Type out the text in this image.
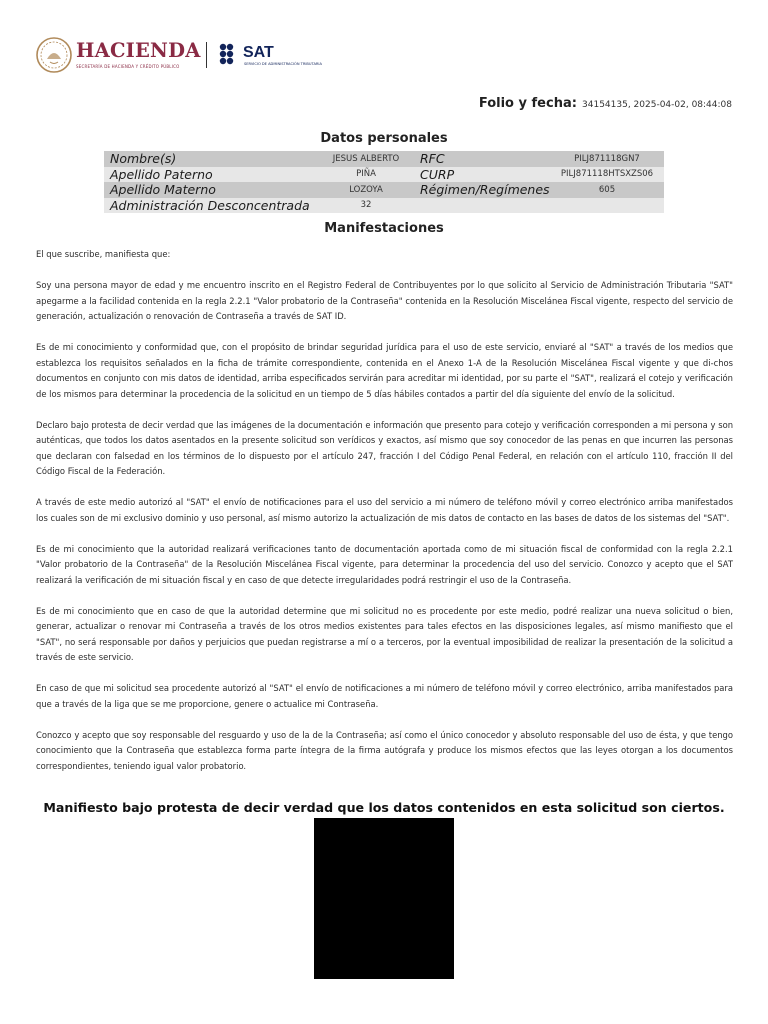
HACIENDA
SECRETARÍA DE HACIENDA Y CRÉDITO PÚBLICO
SAT
SERVICIO DE ADMINISTRACIÓN TRIBUTARIA
Folio y fecha: 34154135, 2025-04-02, 08:44:08
Datos personales
Nombre(s)	JESUS ALBERTO	RFC	PILJ871118GN7
Apellido Paterno	PIÑA	CURP	PILJ871118HTSXZS06
Apellido Materno	LOZOYA	Régimen/Regímenes	605
Administración Desconcentrada	32		
Manifestaciones

El que suscribe, manifiesta que:

Soy una persona mayor de edad y me encuentro inscrito en el Registro Federal de Contribuyentes por lo que solicito al Servicio de Administración Tributaria "SAT" apegarme a la facilidad contenida en la regla 2.2.1 "Valor probatorio de la Contraseña" contenida en la Resolución Miscelánea Fiscal vigente, respecto del servicio de generación, actualización o renovación de Contraseña a través de SAT ID.

Es de mi conocimiento y conformidad que, con el propósito de brindar seguridad jurídica para el uso de este servicio, enviaré al "SAT" a través de los medios que establezca los requisitos señalados en la ficha de trámite correspondiente, contenida en el Anexo 1-A de la Resolución Miscelánea Fiscal vigente y que di-chos documentos en conjunto con mis datos de identidad, arriba especificados servirán para acreditar mi identidad, por su parte el "SAT", realizará el cotejo y verificación de los mismos para determinar la procedencia de la solicitud en un tiempo de 5 días hábiles contados a partir del día siguiente del envío de la solicitud.

Declaro bajo protesta de decir verdad que las imágenes de la documentación e información que presento para cotejo y verificación corresponden a mi persona y son auténticas, que todos los datos asentados en la presente solicitud son verídicos y exactos, así mismo que soy conocedor de las penas en que incurren las personas que declaran con falsedad en los términos de lo dispuesto por el artículo 247, fracción I del Código Penal Federal, en relación con el artículo 110, fracción II del Código Fiscal de la Federación.

A través de este medio autorizó al "SAT" el envío de notificaciones para el uso del servicio a mi número de teléfono móvil y correo electrónico arriba manifestados los cuales son de mi exclusivo dominio y uso personal, así mismo autorizo la actualización de mis datos de contacto en las bases de datos de los sistemas del "SAT".

Es de mi conocimiento que la autoridad realizará verificaciones tanto de documentación aportada como de mi situación fiscal de conformidad con la regla 2.2.1 "Valor probatorio de la Contraseña" de la Resolución Miscelánea Fiscal vigente, para determinar la procedencia del uso del servicio. Conozco y acepto que el SAT realizará la verificación de mi situación fiscal y en caso de que detecte irregularidades podrá restringir el uso de la Contraseña.

Es de mi conocimiento que en caso de que la autoridad determine que mi solicitud no es procedente por este medio, podré realizar una nueva solicitud o bien, generar, actualizar o renovar mi Contraseña a través de los otros medios existentes para tales efectos en las disposiciones legales, así mismo manifiesto que el "SAT", no será responsable por daños y perjuicios que puedan registrarse a mí o a terceros, por la eventual imposibilidad de realizar la presentación de la solicitud a través de este servicio.

En caso de que mi solicitud sea procedente autorizó al "SAT" el envío de notificaciones a mi número de teléfono móvil y correo electrónico, arriba manifestados para que a través de la liga que se me proporcione, genere o actualice mi Contraseña.

Conozco y acepto que soy responsable del resguardo y uso de la de la Contraseña; así como el único conocedor y absoluto responsable del uso de ésta, y que tengo conocimiento que la Contraseña que establezca forma parte íntegra de la firma autógrafa y produce los mismos efectos que las leyes otorgan a los documentos correspondientes, teniendo igual valor probatorio.

Manifiesto bajo protesta de decir verdad que los datos contenidos en esta solicitud son ciertos.
